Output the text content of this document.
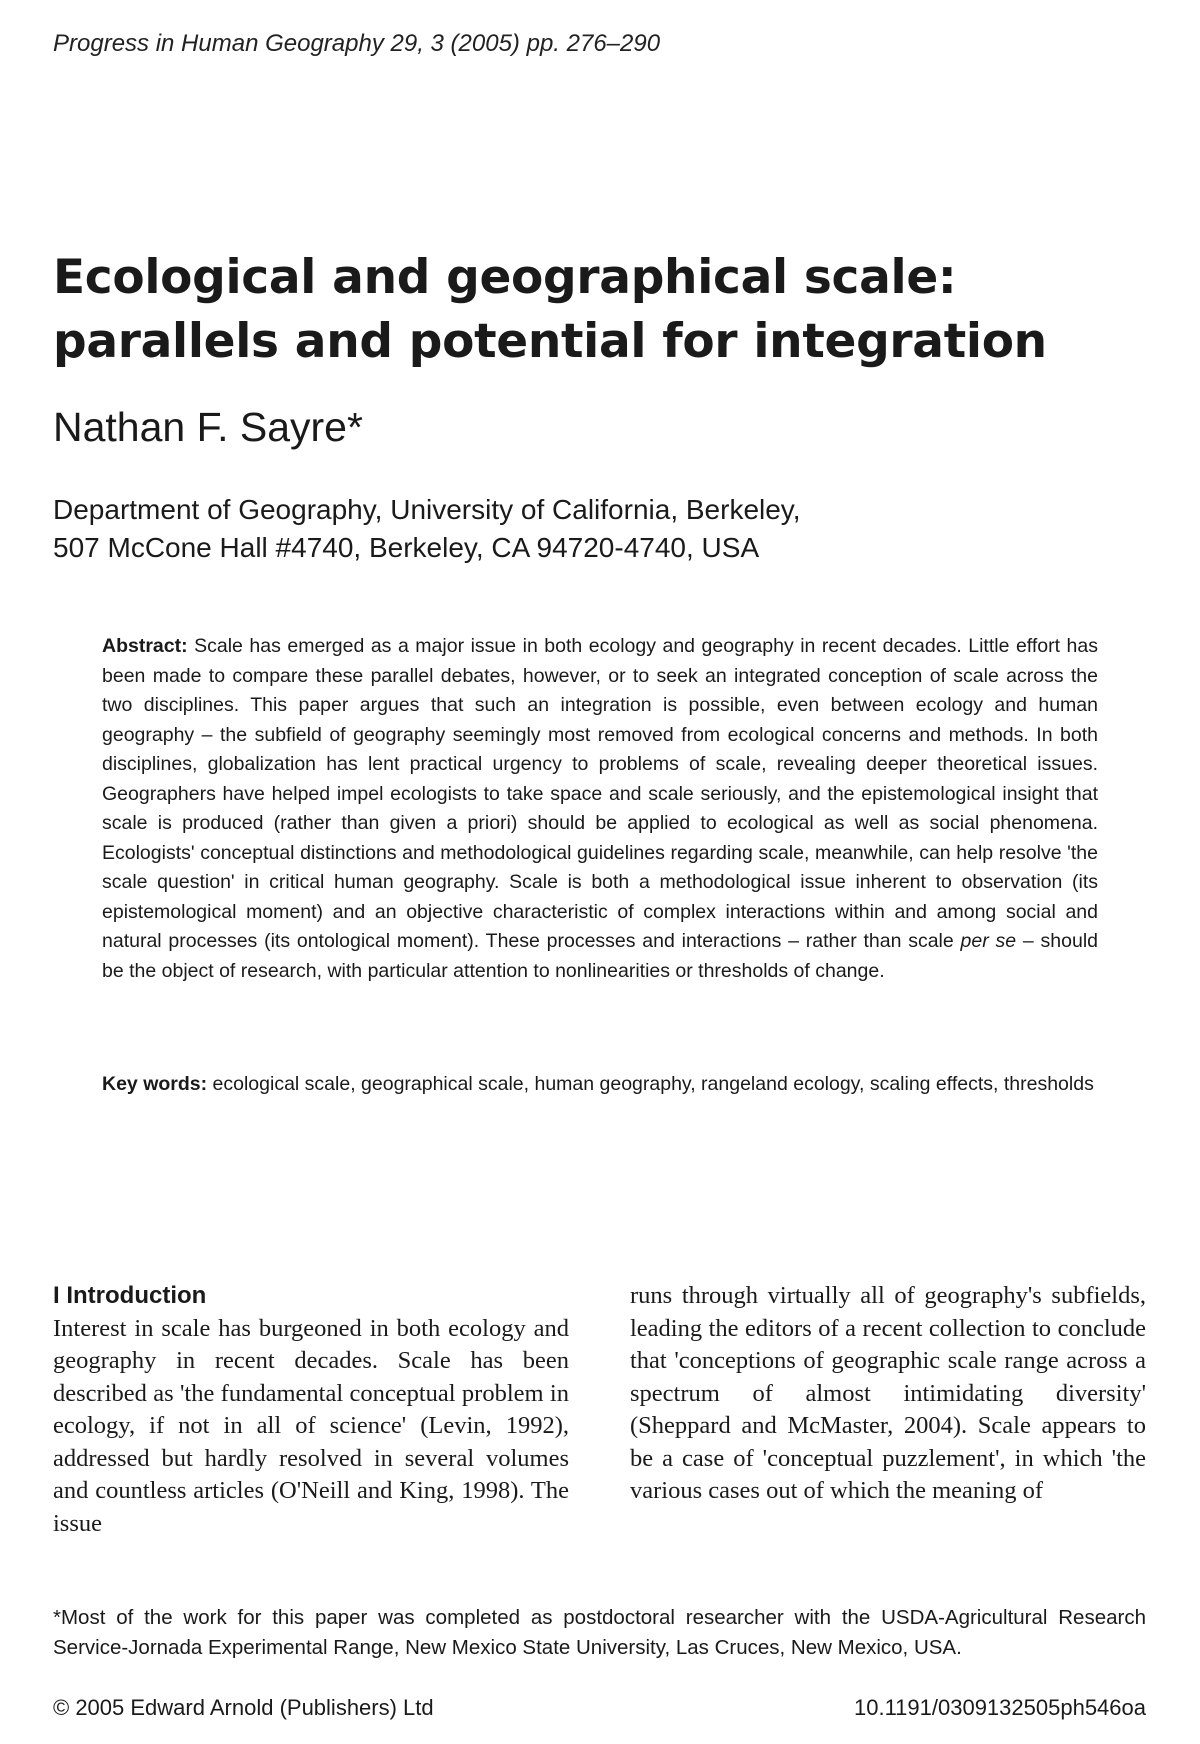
Progress in Human Geography 29, 3 (2005) pp. 276–290
Ecological and geographical scale:
parallels and potential for integration
Nathan F. Sayre*
Department of Geography, University of California, Berkeley,
507 McCone Hall #4740, Berkeley, CA 94720-4740, USA
Abstract: Scale has emerged as a major issue in both ecology and geography in recent decades. Little effort has been made to compare these parallel debates, however, or to seek an integrated conception of scale across the two disciplines. This paper argues that such an integration is possible, even between ecology and human geography – the subfield of geography seemingly most removed from ecological concerns and methods. In both disciplines, globalization has lent practical urgency to problems of scale, revealing deeper theoretical issues. Geographers have helped impel ecologists to take space and scale seriously, and the epistemological insight that scale is produced (rather than given a priori) should be applied to ecological as well as social phenomena. Ecologists' conceptual distinctions and methodological guidelines regarding scale, meanwhile, can help resolve 'the scale question' in critical human geography. Scale is both a methodological issue inherent to observation (its epistemological moment) and an objective characteristic of complex interactions within and among social and natural processes (its ontological moment). These processes and interactions – rather than scale per se – should be the object of research, with particular attention to nonlinearities or thresholds of change.
Key words: ecological scale, geographical scale, human geography, rangeland ecology, scaling effects, thresholds
I Introduction

Interest in scale has burgeoned in both ecology and geography in recent decades. Scale has been described as 'the fundamental conceptual problem in ecology, if not in all of science' (Levin, 1992), addressed but hardly resolved in several volumes and countless articles (O'Neill and King, 1998). The issue

runs through virtually all of geography's subfields, leading the editors of a recent collection to conclude that 'conceptions of geographic scale range across a spectrum of almost intimidating diversity' (Sheppard and McMaster, 2004). Scale appears to be a case of 'conceptual puzzlement', in which 'the various cases out of which the meaning of

*Most of the work for this paper was completed as postdoctoral researcher with the USDA-Agricultural Research Service-Jornada Experimental Range, New Mexico State University, Las Cruces, New Mexico, USA.
© 2005 Edward Arnold (Publishers) Ltd	10.1191/0309132505ph546oa
